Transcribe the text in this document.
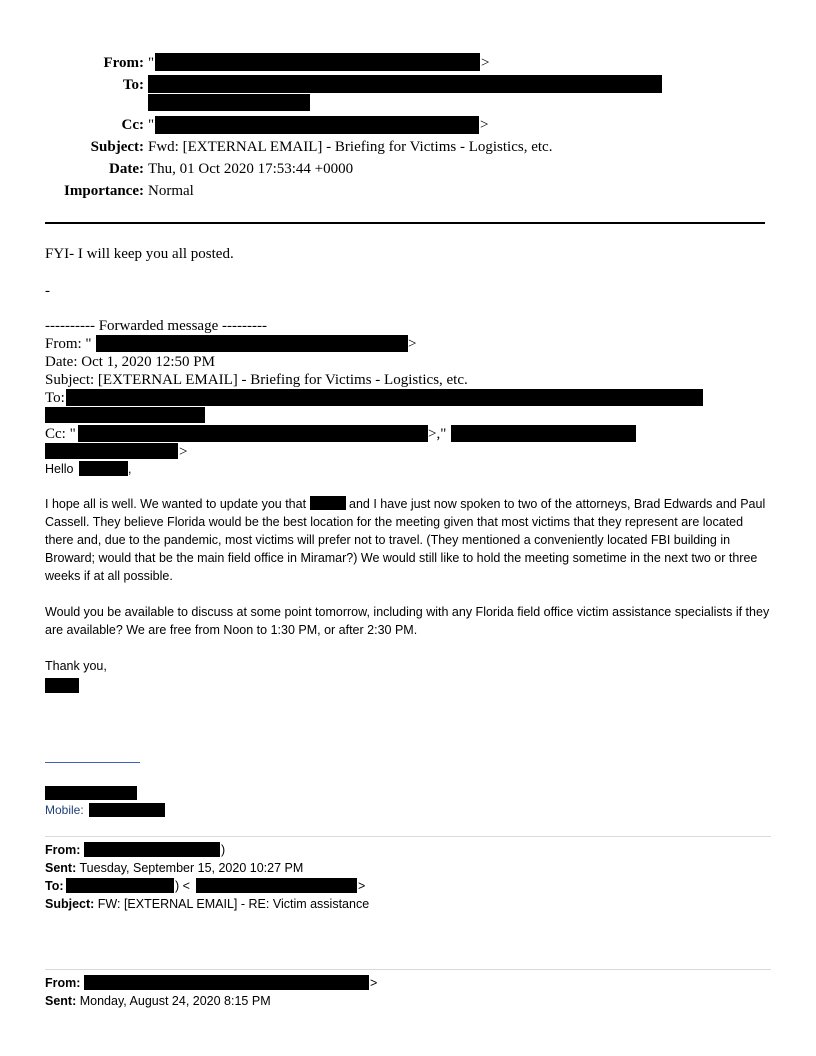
From: "	>
To:
Cc: "	>
Subject: Fwd: [EXTERNAL EMAIL] - Briefing for Victims - Logistics, etc.
Date: Thu, 01 Oct 2020 17:53:44 +0000
Importance: Normal
FYI- I will keep you all posted.
-
---------- Forwarded message ---------
From: "	>
Date: Oct 1, 2020 12:50 PM
Subject: [EXTERNAL EMAIL] - Briefing for Victims - Logistics, etc.
To:
Cc: "	>,"
>
Hello	,
I hope all is well. We wanted to update you that	and I have just now spoken to two of the attorneys, Brad Edwards and Paul Cassell. They believe Florida would be the best location for the meeting given that most victims that they represent are located there and, due to the pandemic, most victims will prefer not to travel. (They mentioned a conveniently located FBI building in Broward; would that be the main field office in Miramar?) We would still like to hold the meeting sometime in the next two or three weeks if at all possible.
Would you be available to discuss at some point tomorrow, including with any Florida field office victim assistance specialists if they are available? We are free from Noon to 1:30 PM, or after 2:30 PM.
Thank you,
Mobile:
From:	)
Sent: Tuesday, September 15, 2020 10:27 PM
To:	) <	>
Subject: FW: [EXTERNAL EMAIL] - RE: Victim assistance
From:	>
Sent: Monday, August 24, 2020 8:15 PM
